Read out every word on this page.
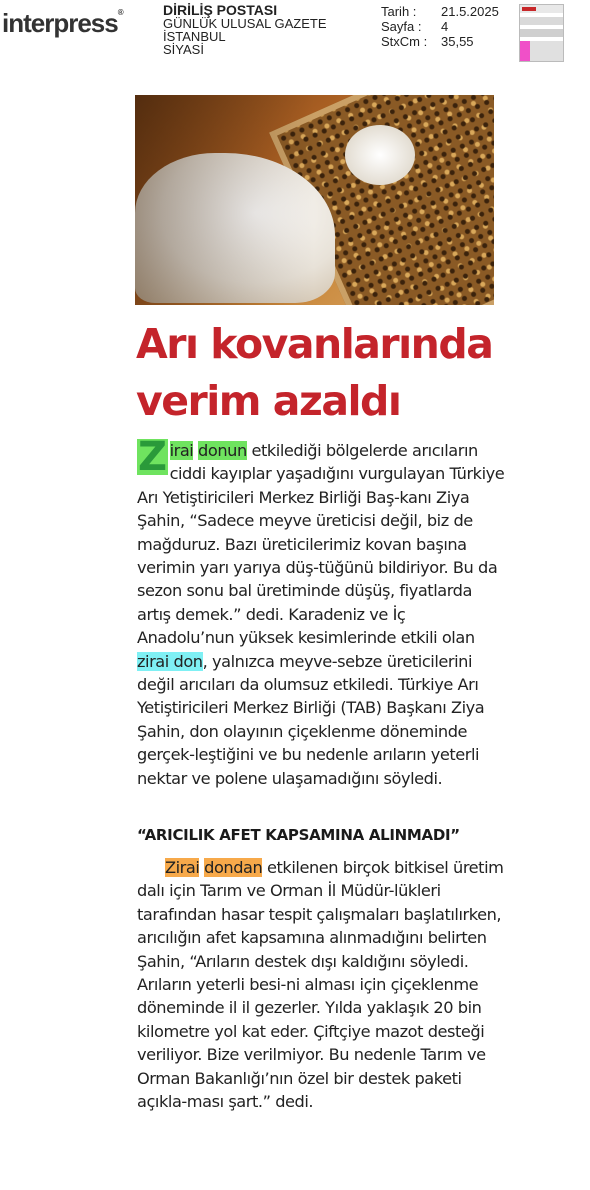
interpress®	DİRİLİŞ POSTASI
GÜNLÜK ULUSAL GAZETE
İSTANBUL
SİYASİ
Tarih :	21.5.2025
Sayfa :	4
StxCm :	35,55
Arı kovanlarında
verim azaldı
Z irai donun etkilediği bölgelerde arıcıların ciddi kayıplar yaşadığını vurgulayan Türkiye Arı Yetiştiricileri Merkez Birliği Baş-kanı Ziya Şahin, “Sadece meyve üreticisi değil, biz de mağduruz. Bazı üreticilerimiz kovan başına verimin yarı yarıya düş-tüğünü bildiriyor. Bu da sezon sonu bal üretiminde düşüş, fiyatlarda artış demek.” dedi. Karadeniz ve İç Anadolu’nun yüksek kesimlerinde etkili olan zirai don, yalnızca meyve-sebze üreticilerini değil arıcıları da olumsuz etkiledi. Türkiye Arı Yetiştiricileri Merkez Birliği (TAB) Başkanı Ziya Şahin, don olayının çiçeklenme döneminde gerçek-leştiğini ve bu nedenle arıların yeterli nektar ve polene ulaşamadığını söyledi.
“ARICILIK AFET KAPSAMINA ALINMADI”
Zirai dondan etkilenen birçok bitkisel üretim dalı için Tarım ve Orman İl Müdür-lükleri tarafından hasar tespit çalışmaları başlatılırken, arıcılığın afet kapsamına alınmadığını belirten Şahin, “Arıların destek dışı kaldığını söyledi. Arıların yeterli besi-ni alması için çiçeklenme döneminde il il gezerler. Yılda yaklaşık 20 bin kilometre yol kat eder. Çiftçiye mazot desteği veriliyor. Bize verilmiyor. Bu nedenle Tarım ve Orman Bakanlığı’nın özel bir destek paketi açıkla-ması şart.” dedi.
